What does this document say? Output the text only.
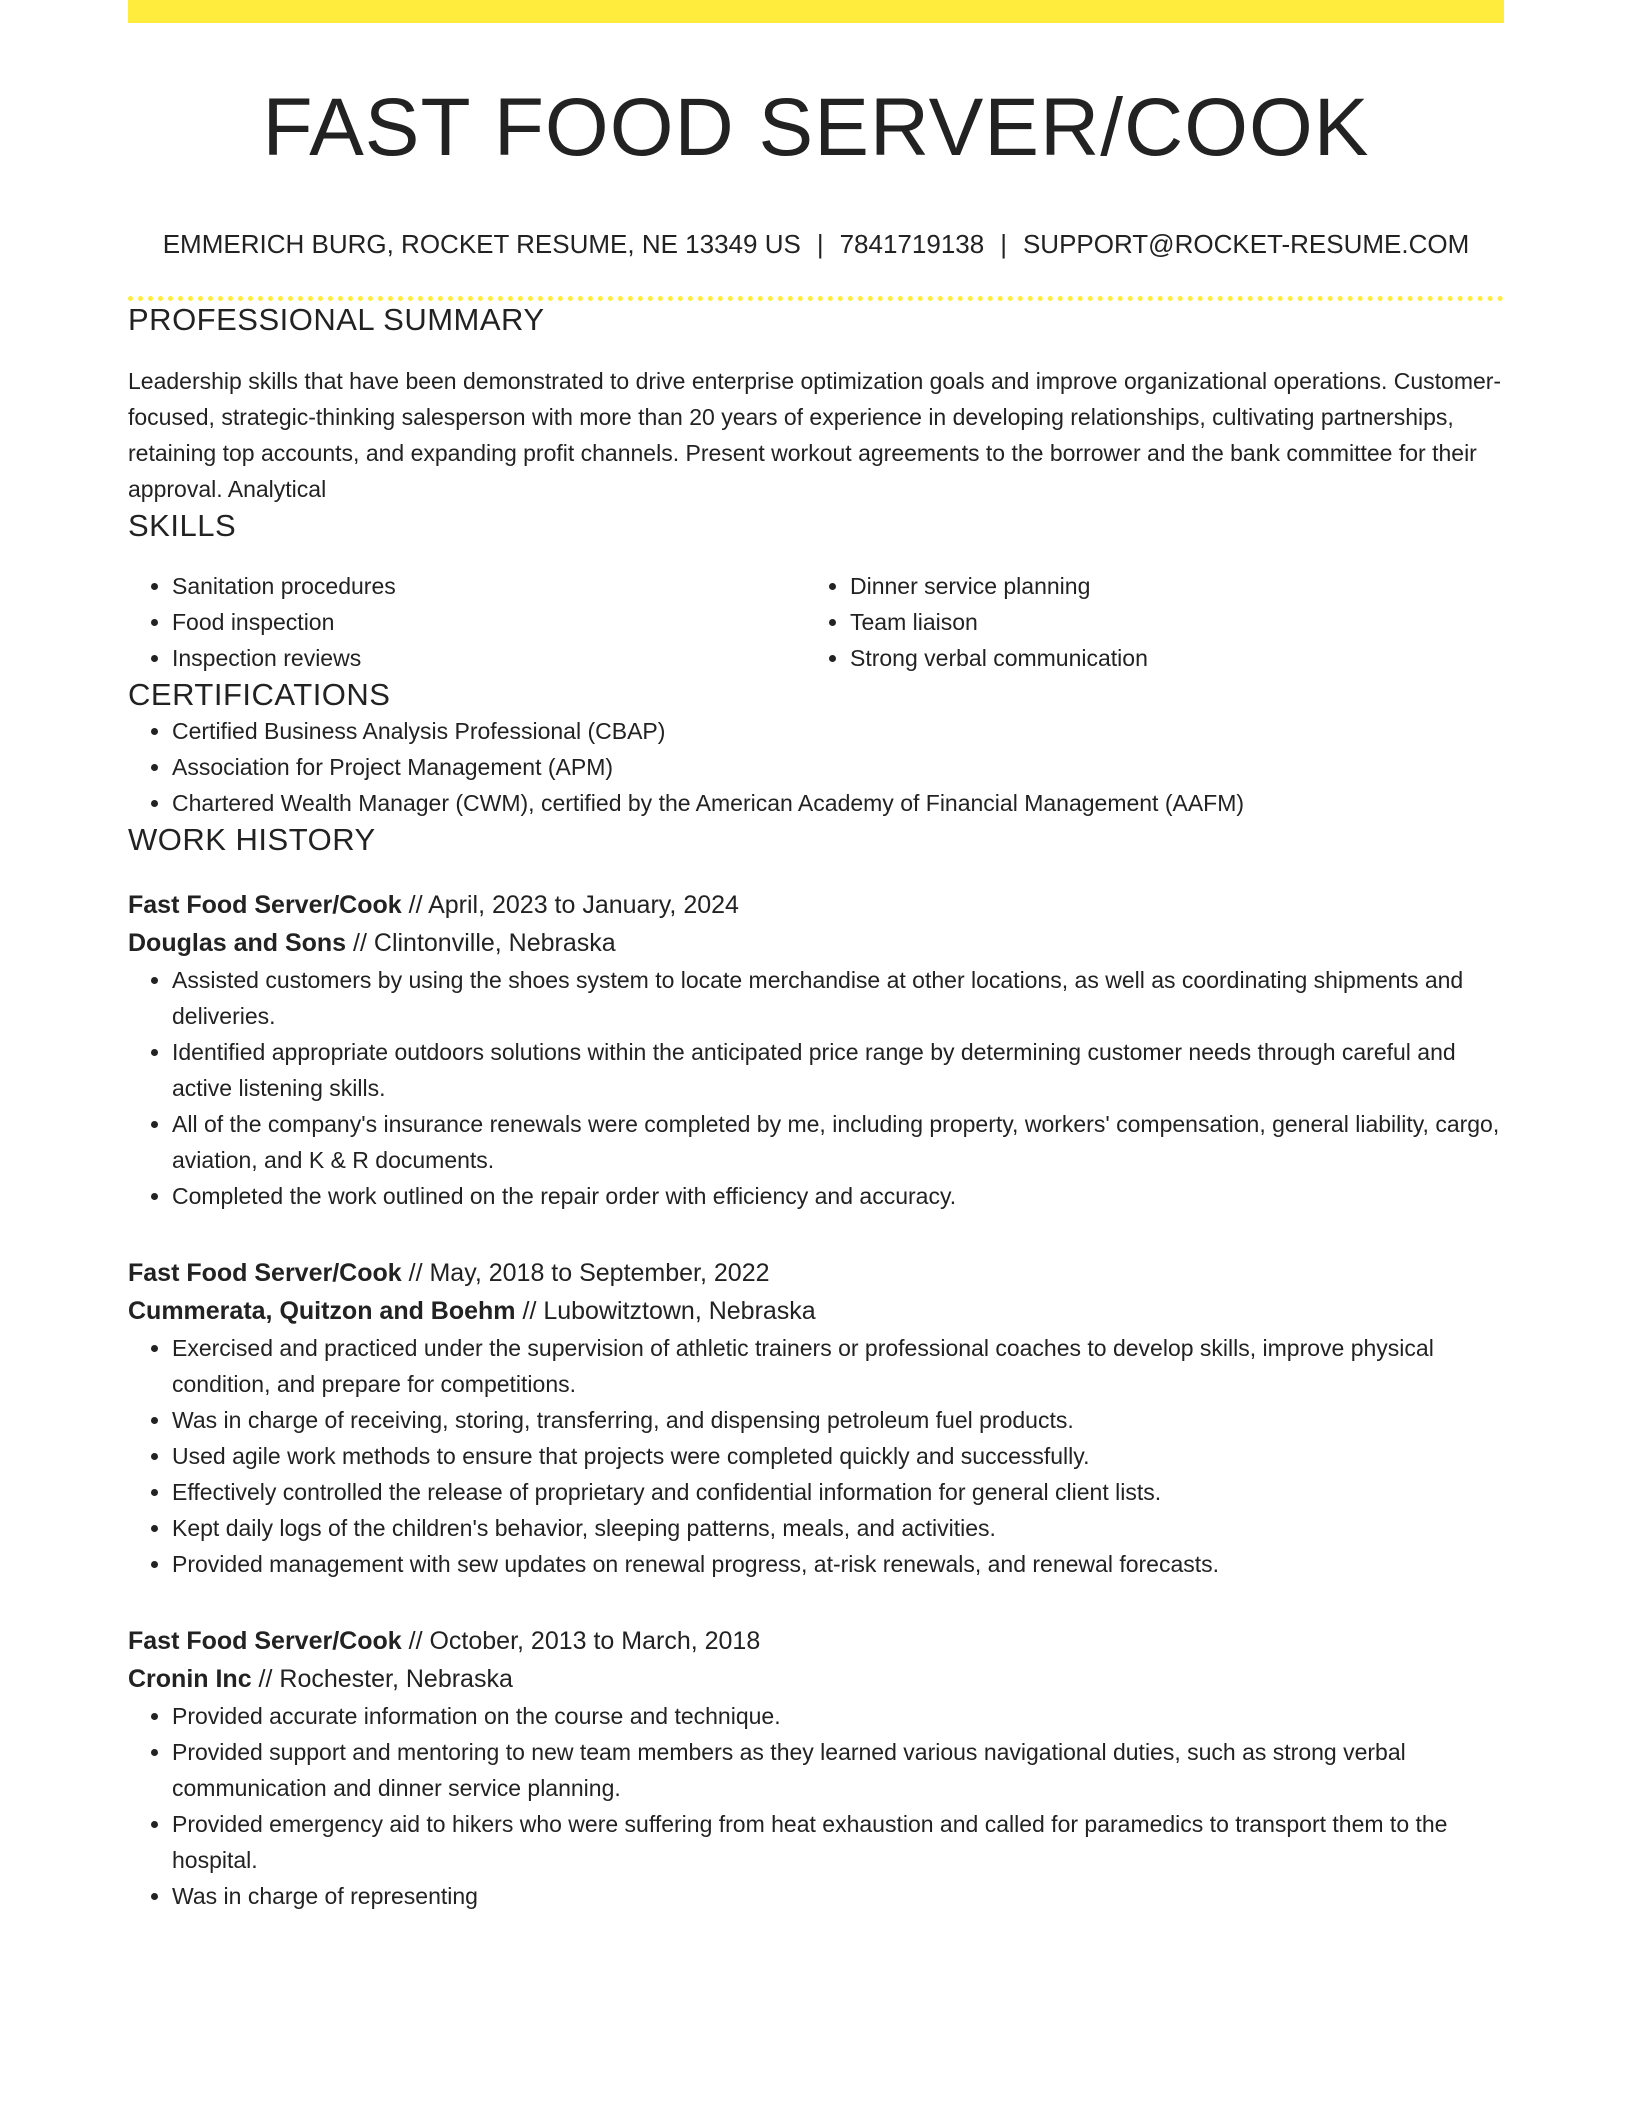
FAST FOOD SERVER/COOK
EMMERICH BURG, ROCKET RESUME, NE 13349 US | 7841719138 | SUPPORT@ROCKET-RESUME.COM
PROFESSIONAL SUMMARY

Leadership skills that have been demonstrated to drive enterprise optimization goals and improve organizational operations. Customer-focused, strategic-thinking salesperson with more than 20 years of experience in developing relationships, cultivating partnerships, retaining top accounts, and expanding profit channels. Present workout agreements to the borrower and the bank committee for their approval. Analytical

SKILLS
• Sanitation procedures
• Food inspection
• Inspection reviews
• Dinner service planning
• Team liaison
• Strong verbal communication
CERTIFICATIONS
• Certified Business Analysis Professional (CBAP)
• Association for Project Management (APM)
• Chartered Wealth Manager (CWM), certified by the American Academy of Financial Management (AAFM)
WORK HISTORY
Fast Food Server/Cook // April, 2023 to January, 2024
Douglas and Sons // Clintonville, Nebraska
• Assisted customers by using the shoes system to locate merchandise at other locations, as well as coordinating shipments and deliveries.
• Identified appropriate outdoors solutions within the anticipated price range by determining customer needs through careful and active listening skills.
• All of the company's insurance renewals were completed by me, including property, workers' compensation, general liability, cargo, aviation, and K & R documents.
• Completed the work outlined on the repair order with efficiency and accuracy.
Fast Food Server/Cook // May, 2018 to September, 2022
Cummerata, Quitzon and Boehm // Lubowitztown, Nebraska
• Exercised and practiced under the supervision of athletic trainers or professional coaches to develop skills, improve physical condition, and prepare for competitions.
• Was in charge of receiving, storing, transferring, and dispensing petroleum fuel products.
• Used agile work methods to ensure that projects were completed quickly and successfully.
• Effectively controlled the release of proprietary and confidential information for general client lists.
• Kept daily logs of the children's behavior, sleeping patterns, meals, and activities.
• Provided management with sew updates on renewal progress, at-risk renewals, and renewal forecasts.
Fast Food Server/Cook // October, 2013 to March, 2018
Cronin Inc // Rochester, Nebraska
• Provided accurate information on the course and technique.
• Provided support and mentoring to new team members as they learned various navigational duties, such as strong verbal communication and dinner service planning.
• Provided emergency aid to hikers who were suffering from heat exhaustion and called for paramedics to transport them to the hospital.
• Was in charge of representing
